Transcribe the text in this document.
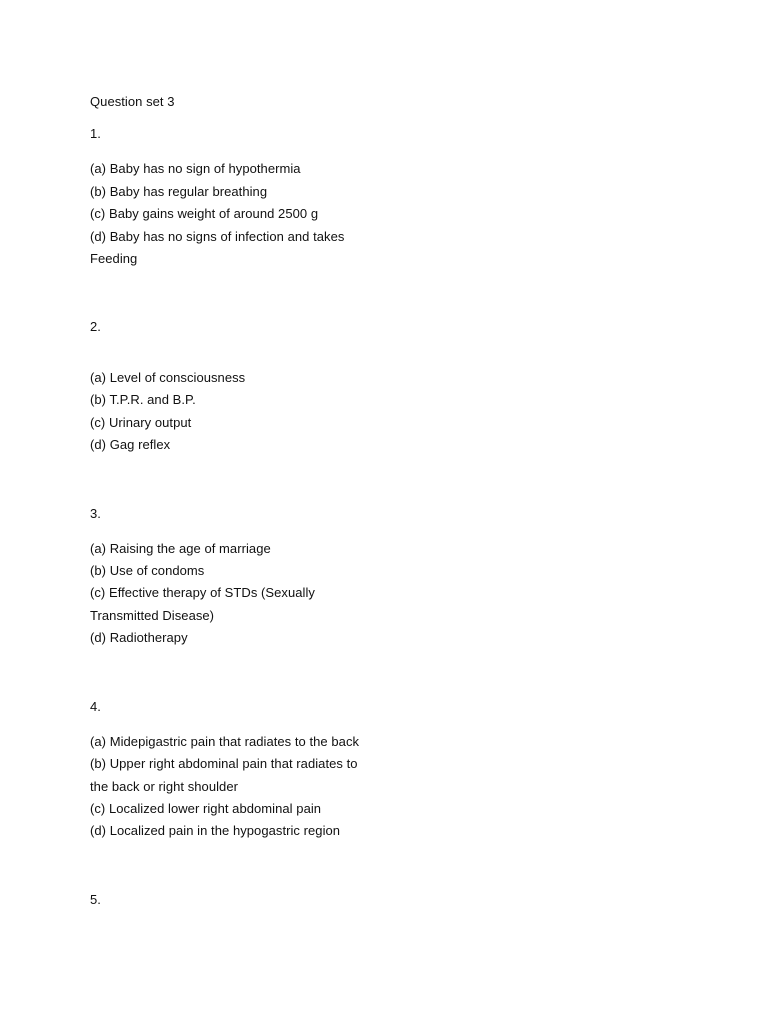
Question set 3
1.
(a) Baby has no sign of hypothermia
(b) Baby has regular breathing
(c) Baby gains weight of around 2500 g
(d) Baby has no signs of infection and takes
Feeding
2.
(a) Level of consciousness
(b) T.P.R. and B.P.
(c) Urinary output
(d) Gag reflex
3.
(a) Raising the age of marriage
(b) Use of condoms
(c) Effective therapy of STDs (Sexually
Transmitted Disease)
(d) Radiotherapy
4.
(a) Midepigastric pain that radiates to the back
(b) Upper right abdominal pain that radiates to
the back or right shoulder
(c) Localized lower right abdominal pain
(d) Localized pain in the hypogastric region
5.
